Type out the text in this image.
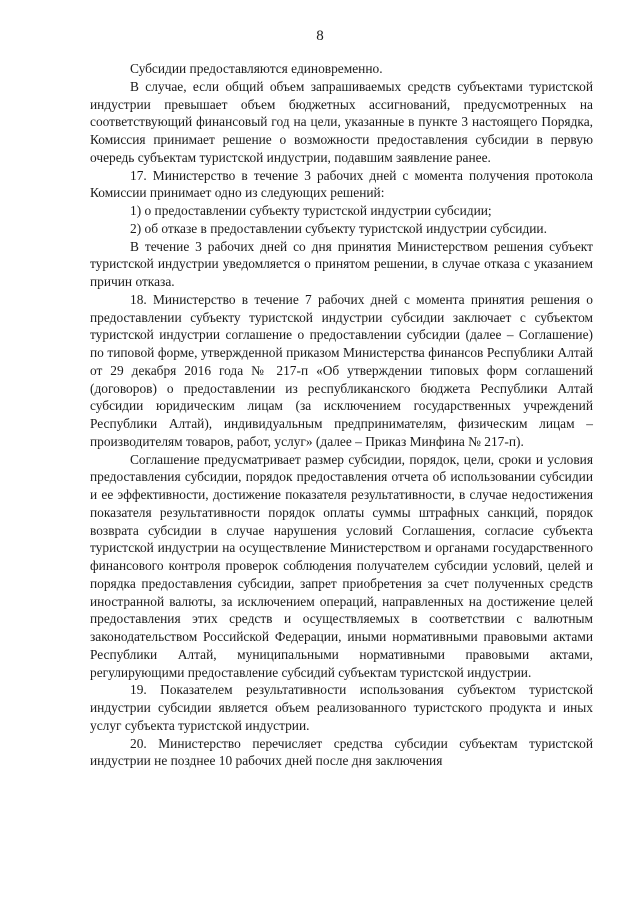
8

Субсидии предоставляются единовременно.

В случае, если общий объем запрашиваемых средств субъектами туристской индустрии превышает объем бюджетных ассигнований, предусмотренных на соответствующий финансовый год на цели, указанные в пункте 3 настоящего Порядка, Комиссия принимает решение о возможности предоставления субсидии в первую очередь субъектам туристской индустрии, подавшим заявление ранее.

17. Министерство в течение 3 рабочих дней с момента получения протокола Комиссии принимает одно из следующих решений:

1) о предоставлении субъекту туристской индустрии субсидии;

2) об отказе в предоставлении субъекту туристской индустрии субсидии.

В течение 3 рабочих дней со дня принятия Министерством решения субъект туристской индустрии уведомляется о принятом решении, в случае отказа с указанием причин отказа.

18. Министерство в течение 7 рабочих дней с момента принятия решения о предоставлении субъекту туристской индустрии субсидии заключает с субъектом туристской индустрии соглашение о предоставлении субсидии (далее – Соглашение) по типовой форме, утвержденной приказом Министерства финансов Республики Алтай от 29 декабря 2016 года № 217-п «Об утверждении типовых форм соглашений (договоров) о предоставлении из республиканского бюджета Республики Алтай субсидии юридическим лицам (за исключением государственных учреждений Республики Алтай), индивидуальным предпринимателям, физическим лицам – производителям товаров, работ, услуг» (далее – Приказ Минфина № 217-п).

Соглашение предусматривает размер субсидии, порядок, цели, сроки и условия предоставления субсидии, порядок предоставления отчета об использовании субсидии и ее эффективности, достижение показателя результативности, в случае недостижения показателя результативности порядок оплаты суммы штрафных санкций, порядок возврата субсидии в случае нарушения условий Соглашения, согласие субъекта туристской индустрии на осуществление Министерством и органами государственного финансового контроля проверок соблюдения получателем субсидии условий, целей и порядка предоставления субсидии, запрет приобретения за счет полученных средств иностранной валюты, за исключением операций, направленных на достижение целей предоставления этих средств и осуществляемых в соответствии с валютным законодательством Российской Федерации, иными нормативными правовыми актами Республики Алтай, муниципальными нормативными правовыми актами, регулирующими предоставление субсидий субъектам туристской индустрии.

19. Показателем результативности использования субъектом туристской индустрии субсидии является объем реализованного туристского продукта и иных услуг субъекта туристской индустрии.

20. Министерство перечисляет средства субсидии субъектам туристской индустрии не позднее 10 рабочих дней после дня заключения
